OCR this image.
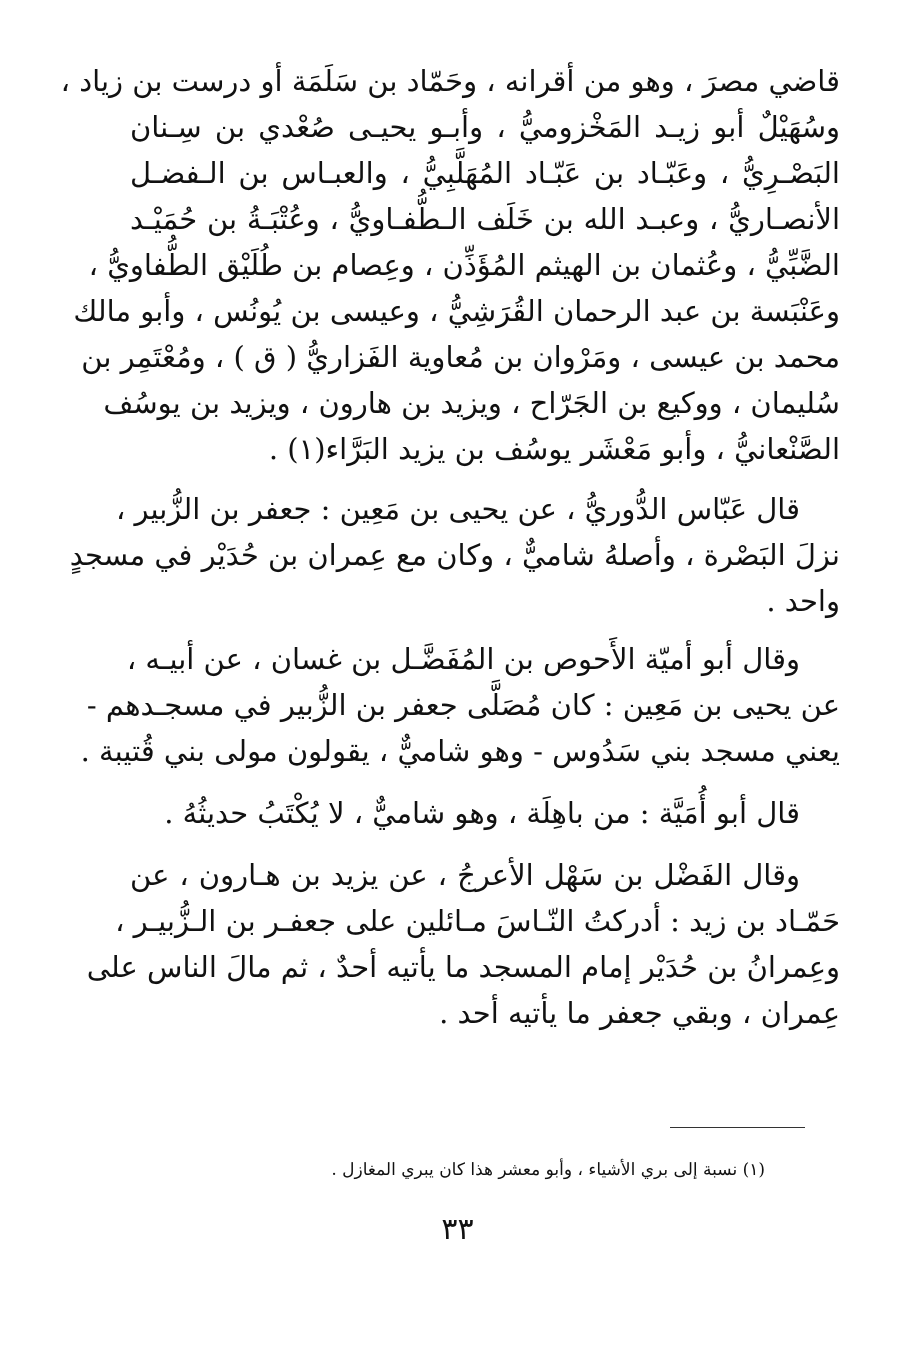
قاضي مصرَ ، وهو من أقرانه ، وحَمّاد بن سَلَمَة أو درست بن زياد ،
وسُهَيْلٌ أبو زيـد المَخْزوميُّ ، وأبـو يحيـى صُعْدي بن سِـنان
البَصْـرِيُّ ، وعَبّـاد بن عَبّـاد المُهَلَّبِيُّ ، والعبـاس بن الـفضـل
الأنصـاريُّ ، وعبـد الله بن خَلَف الـطُّفـاويُّ ، وعُتْبَـةُ بن حُمَيْـد
الضَّبِّيُّ ، وعُثمان بن الهيثم المُؤَذِّن ، وعِصام بن طُلَيْق الطُّفاويُّ ،
وعَنْبَسة بن عبد الرحمان القُرَشِيُّ ، وعيسى بن يُونُس ، وأبو مالك
محمد بن عيسى ، ومَرْوان بن مُعاوية الفَزاريُّ ( ق ) ، ومُعْتَمِر بن
سُليمان ، ووكيع بن الجَرّاح ، ويزيد بن هارون ، ويزيد بن يوسُف
الصَّنْعانيُّ ، وأبو مَعْشَر يوسُف بن يزيد البَرَّاء(١) .

قال عَبّاس الدُّوريُّ ، عن يحيى بن مَعِين : جعفر بن الزُّبير ،
نزلَ البَصْرة ، وأصلهُ شاميٌّ ، وكان مع عِمران بن حُدَيْر في مسجدٍ
واحد .

وقال أبو أميّة الأَحوص بن المُفَضَّـل بن غسان ، عن أبيـه ،
عن يحيى بن مَعِين : كان مُصَلَّى جعفر بن الزُّبير في مسجـدهم -
يعني مسجد بني سَدُوس - وهو شاميٌّ ، يقولون مولى بني قُتيبة .

قال أبو أُمَيَّة : من باهِلَة ، وهو شاميٌّ ، لا يُكْتَبُ حديثُهُ .

وقال الفَضْل بن سَهْل الأعرجُ ، عن يزيد بن هـارون ، عن
حَمّـاد بن زيد : أدركتُ النّـاسَ مـائلين على جعفـر بن الـزُّبيـر ،
وعِمرانُ بن حُدَيْر إمام المسجد ما يأتيه أحدٌ ، ثم مالَ الناس على
عِمران ، وبقي جعفر ما يأتيه أحد .

(١) نسبة إلى بري الأشياء ، وأبو معشر هذا كان يبري المغازل .
٣٣
